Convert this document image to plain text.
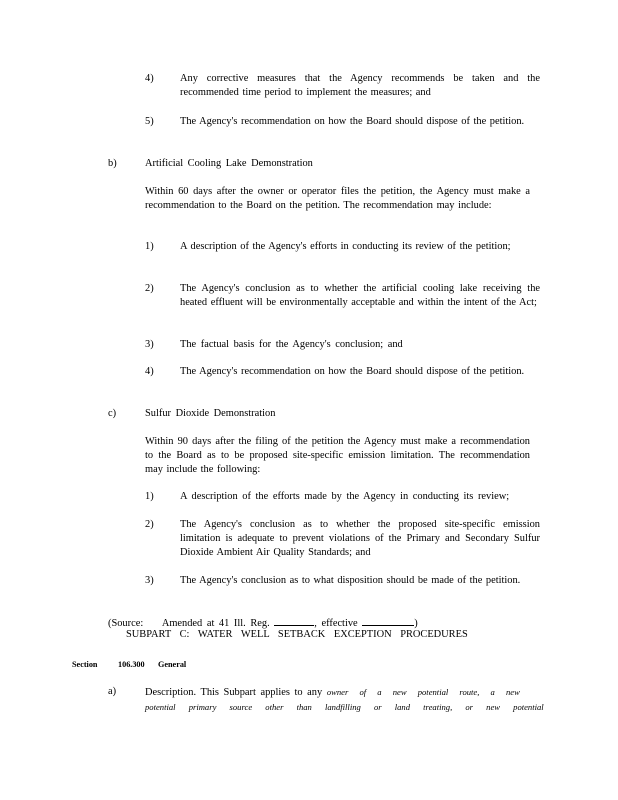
4)	Any corrective measures that the Agency recommends be taken and the recommended time period to implement the measures; and
5)	The Agency's recommendation on how the Board should dispose of the petition.
b)	Artificial Cooling Lake Demonstration
Within 60 days after the owner or operator files the petition, the Agency must make a recommendation to the Board on the petition. The recommendation may include:
1)	A description of the Agency's efforts in conducting its review of the petition;
2)	The Agency's conclusion as to whether the artificial cooling lake receiving the heated effluent will be environmentally acceptable and within the intent of the Act;
3)	The factual basis for the Agency's conclusion; and
4)	The Agency's recommendation on how the Board should dispose of the petition.
c)	Sulfur Dioxide Demonstration
Within 90 days after the filing of the petition the Agency must make a recommendation to the Board as to be proposed site-specific emission limitation. The recommendation may include the following:
1)	A description of the efforts made by the Agency in conducting its review;
2)	The Agency's conclusion as to whether the proposed site-specific emission limitation is adequate to prevent violations of the Primary and Secondary Sulfur Dioxide Ambient Air Quality Standards; and
3)	The Agency's conclusion as to what disposition should be made of the petition.
(Source: Amended at 41 Ill. Reg.	, effective	)
SUBPART C: WATER WELL SETBACK EXCEPTION PROCEDURES
Section	106.300 General
a)	Description. This Subpart applies to any owner of a new potential route, a new
potential primary source other than landfilling or land treating, or new potential
